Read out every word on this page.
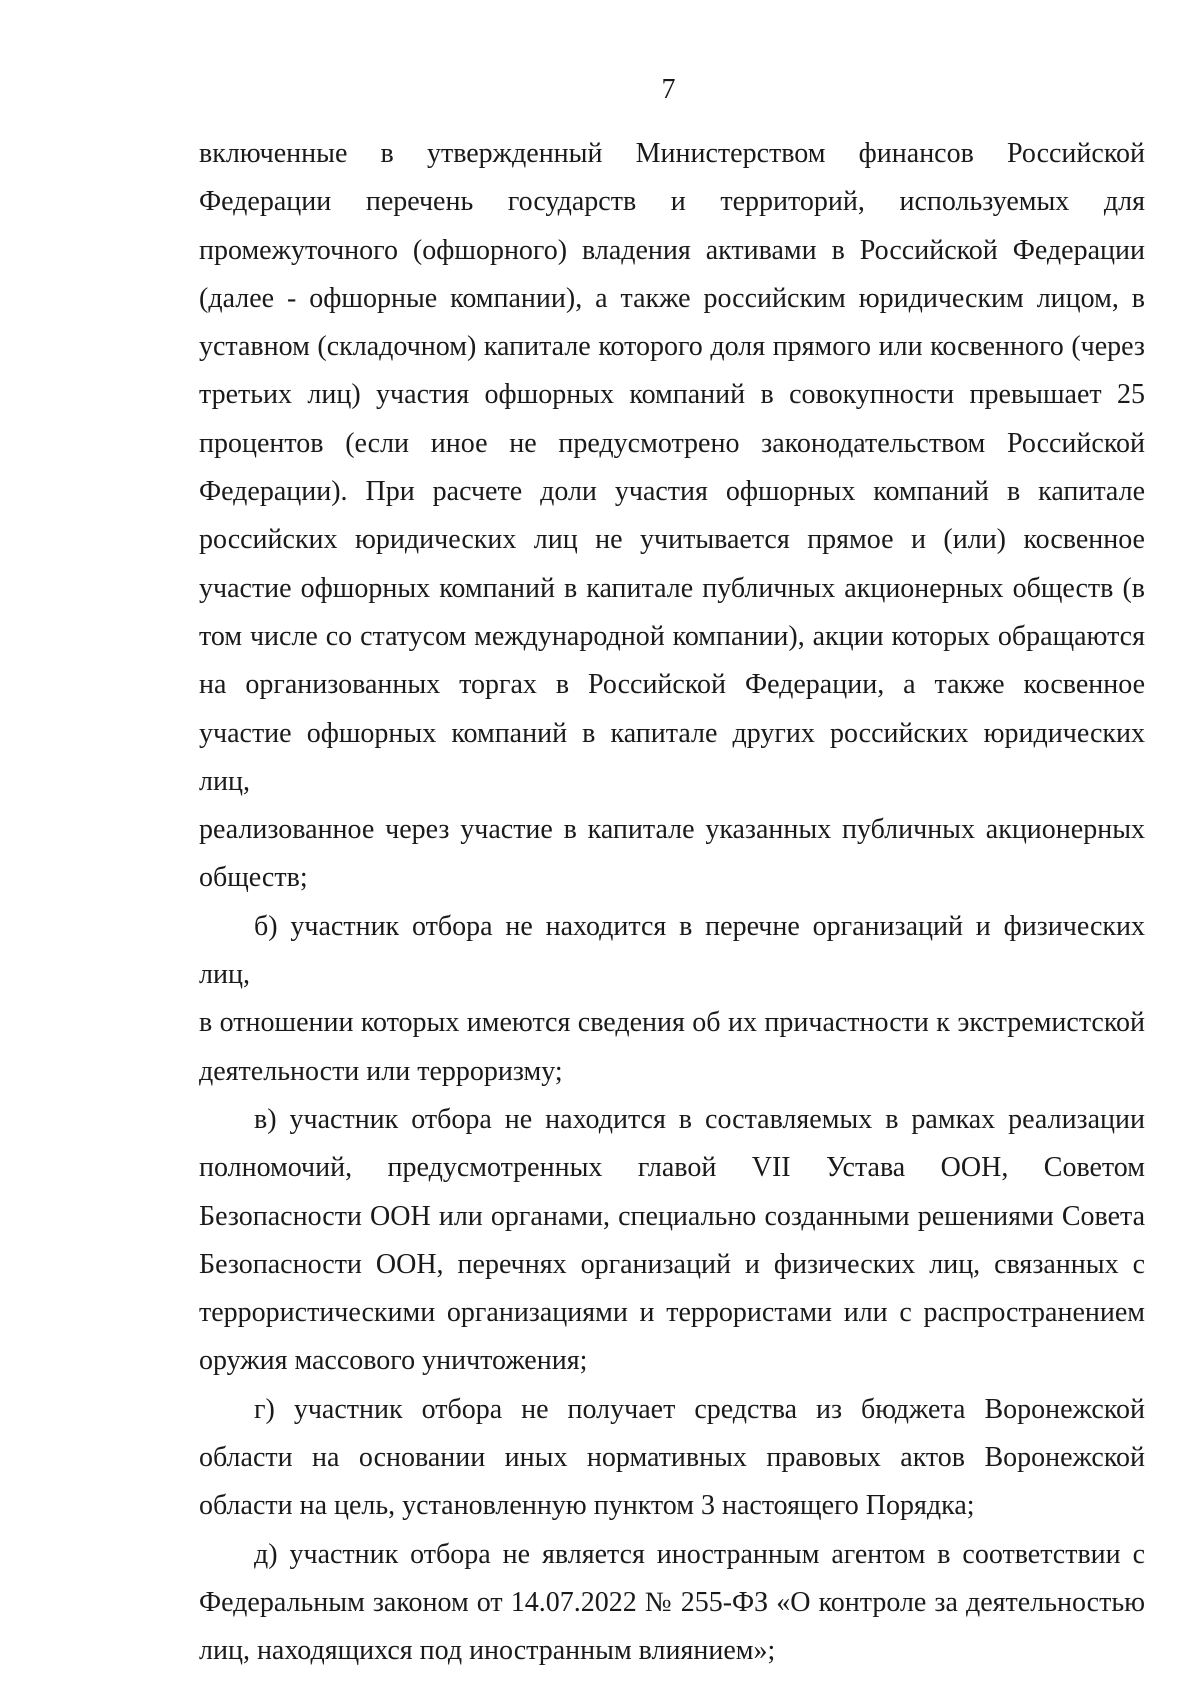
7
включенные в утвержденный Министерством финансов Российской
Федерации перечень государств и территорий, используемых для
промежуточного (офшорного) владения активами в Российской Федерации
(далее - офшорные компании), а также российским юридическим лицом, в
уставном (складочном) капитале которого доля прямого или косвенного (через
третьих лиц) участия офшорных компаний в совокупности превышает 25
процентов (если иное не предусмотрено законодательством Российской
Федерации). При расчете доли участия офшорных компаний в капитале
российских юридических лиц не учитывается прямое и (или) косвенное
участие офшорных компаний в капитале публичных акционерных обществ (в
том числе со статусом международной компании), акции которых обращаются
на организованных торгах в Российской Федерации, а также косвенное
участие офшорных компаний в капитале других российских юридических лиц,
реализованное через участие в капитале указанных публичных акционерных
обществ;
б) участник отбора не находится в перечне организаций и физических лиц,
в отношении которых имеются сведения об их причастности к экстремистской
деятельности или терроризму;
в) участник отбора не находится в составляемых в рамках реализации
полномочий, предусмотренных главой VII Устава ООН, Советом
Безопасности ООН или органами, специально созданными решениями Совета
Безопасности ООН, перечнях организаций и физических лиц, связанных с
террористическими организациями и террористами или с распространением
оружия массового уничтожения;
г) участник отбора не получает средства из бюджета Воронежской
области на основании иных нормативных правовых актов Воронежской
области на цель, установленную пунктом 3 настоящего Порядка;
д) участник отбора не является иностранным агентом в соответствии с
Федеральным законом от 14.07.2022 № 255-ФЗ «О контроле за деятельностью
лиц, находящихся под иностранным влиянием»;
